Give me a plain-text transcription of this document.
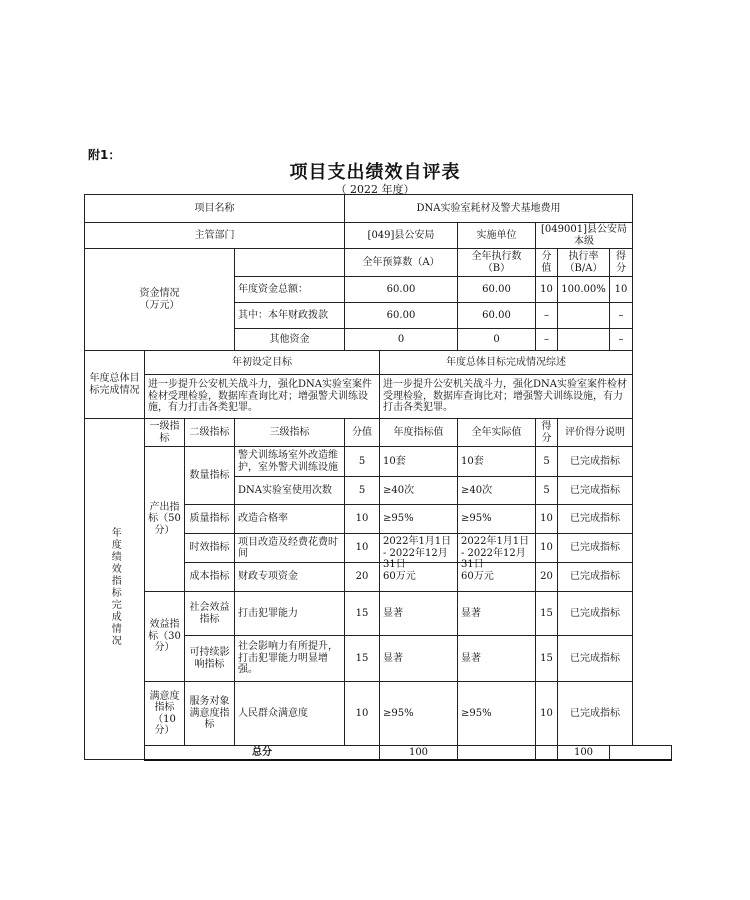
附1：
项目支出绩效自评表
（ 2022 年度）
项目名称				DNA实验室耗材及警犬基地费用					
主管部门				[049]县公安局		实施单位	[049001]县公安局本级		
资金情况
（万元）				全年预算数（A）		全年执行数（B）	分值	执行率（B/A）	得分
			年度资金总额：	60.00		60.00	10	100.00%	10
			其中：本年财政拨款	60.00		60.00	–		–
			其他资金	0		0	–		–
年度总体目标完成情况	年初设定目标				年度总体目标完成情况综述				
	进一步提升公安机关战斗力，强化DNA实验室案件检材受理检验，数据库查询比对；增强警犬训练设施，有力打击各类犯罪。				进一步提升公安机关战斗力，强化DNA实验室案件检材受理检验，数据库查询比对；增强警犬训练设施，有力打击各类犯罪。				
年度绩效指标完成情况	一级指标	二级指标	三级指标	分值	年度指标值	全年实际值	得分	评价得分说明	
	产出指标（50分）	数量指标	警犬训练场室外改造维护，室外警犬训练设施	5	10套	10套	5	已完成指标	
			DNA实验室使用次数	5	≥40次	≥40次	5	已完成指标	
		质量指标	改造合格率	10	≥95%	≥95%	10	已完成指标	
		时效指标	项目改造及经费花费时间	10	2022年1月1日 - 2022年12月31日	2022年1月1日 - 2022年12月31日	10	已完成指标	
		成本指标	财政专项资金	20	60万元	60万元	20	已完成指标	
	效益指标（30分）	社会效益指标	打击犯罪能力	15	显著	显著	15	已完成指标	
		可持续影响指标	社会影响力有所提升，打击犯罪能力明显增强。	15	显著	显著	15	已完成指标	
	满意度指标（10分）	服务对象满意度指标	人民群众满意度	10	≥95%	≥95%	10	已完成指标	
	总分				100			100	
